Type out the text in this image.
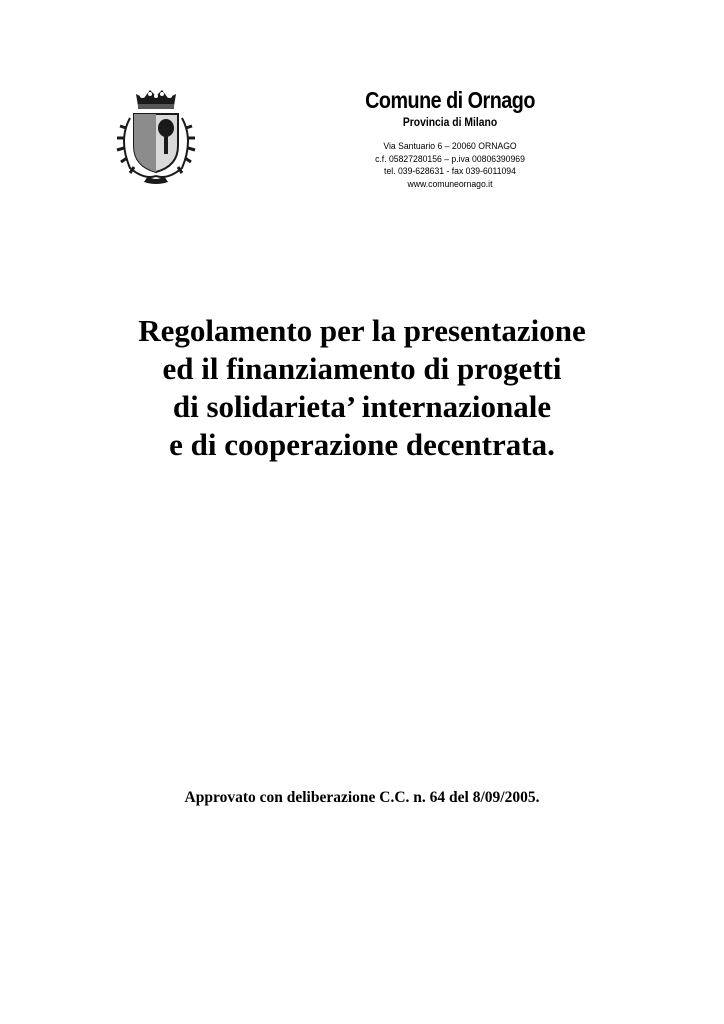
Comune di Ornago
Provincia di Milano
Via Santuario 6 – 20060 ORNAGO
c.f. 05827280156 – p.iva 00806390969
tel. 039-628631 - fax 039-6011094
www.comuneornago.it
Regolamento per la presentazione
ed il finanziamento di progetti
di solidarieta’ internazionale
e di cooperazione decentrata.
Approvato con deliberazione C.C. n. 64 del 8/09/2005.
